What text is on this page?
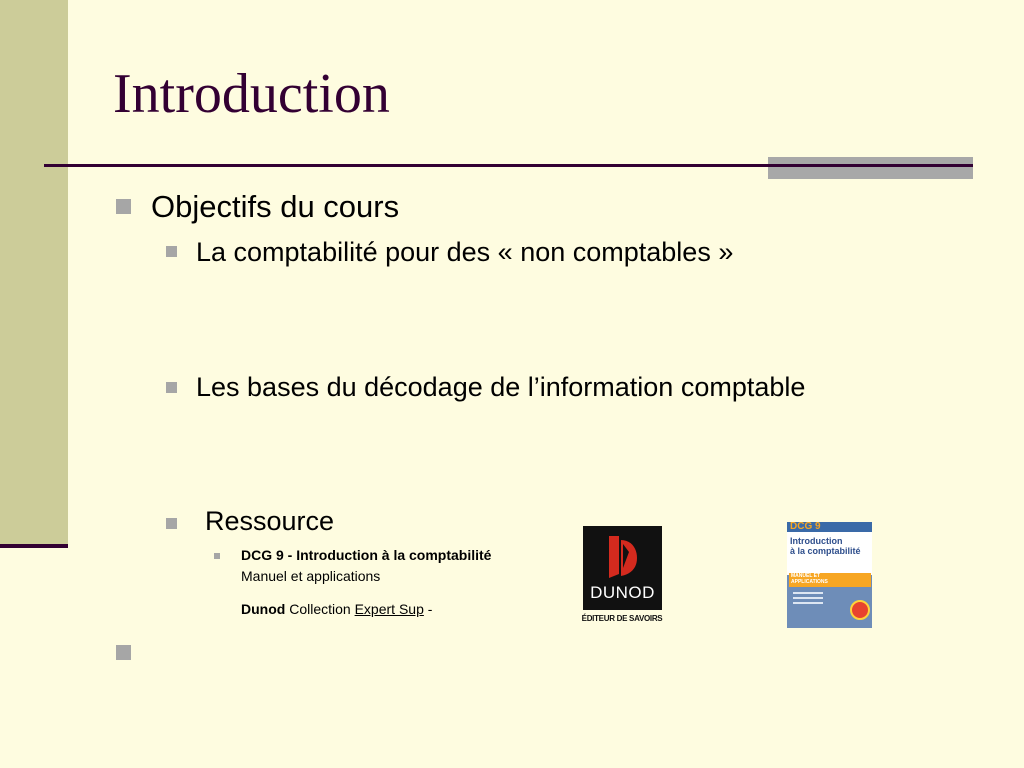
Introduction
Objectifs du cours
La comptabilité pour des « non comptables »
Les bases du décodage de l’information comptable
Ressource
DCG 9 - Introduction à la comptabilité
Manuel et applications
Dunod Collection Expert Sup -
DUNOD
ÉDITEUR DE SAVOIRS
DCG 9
Introduction
à la comptabilité
MANUEL ET
APPLICATIONS
